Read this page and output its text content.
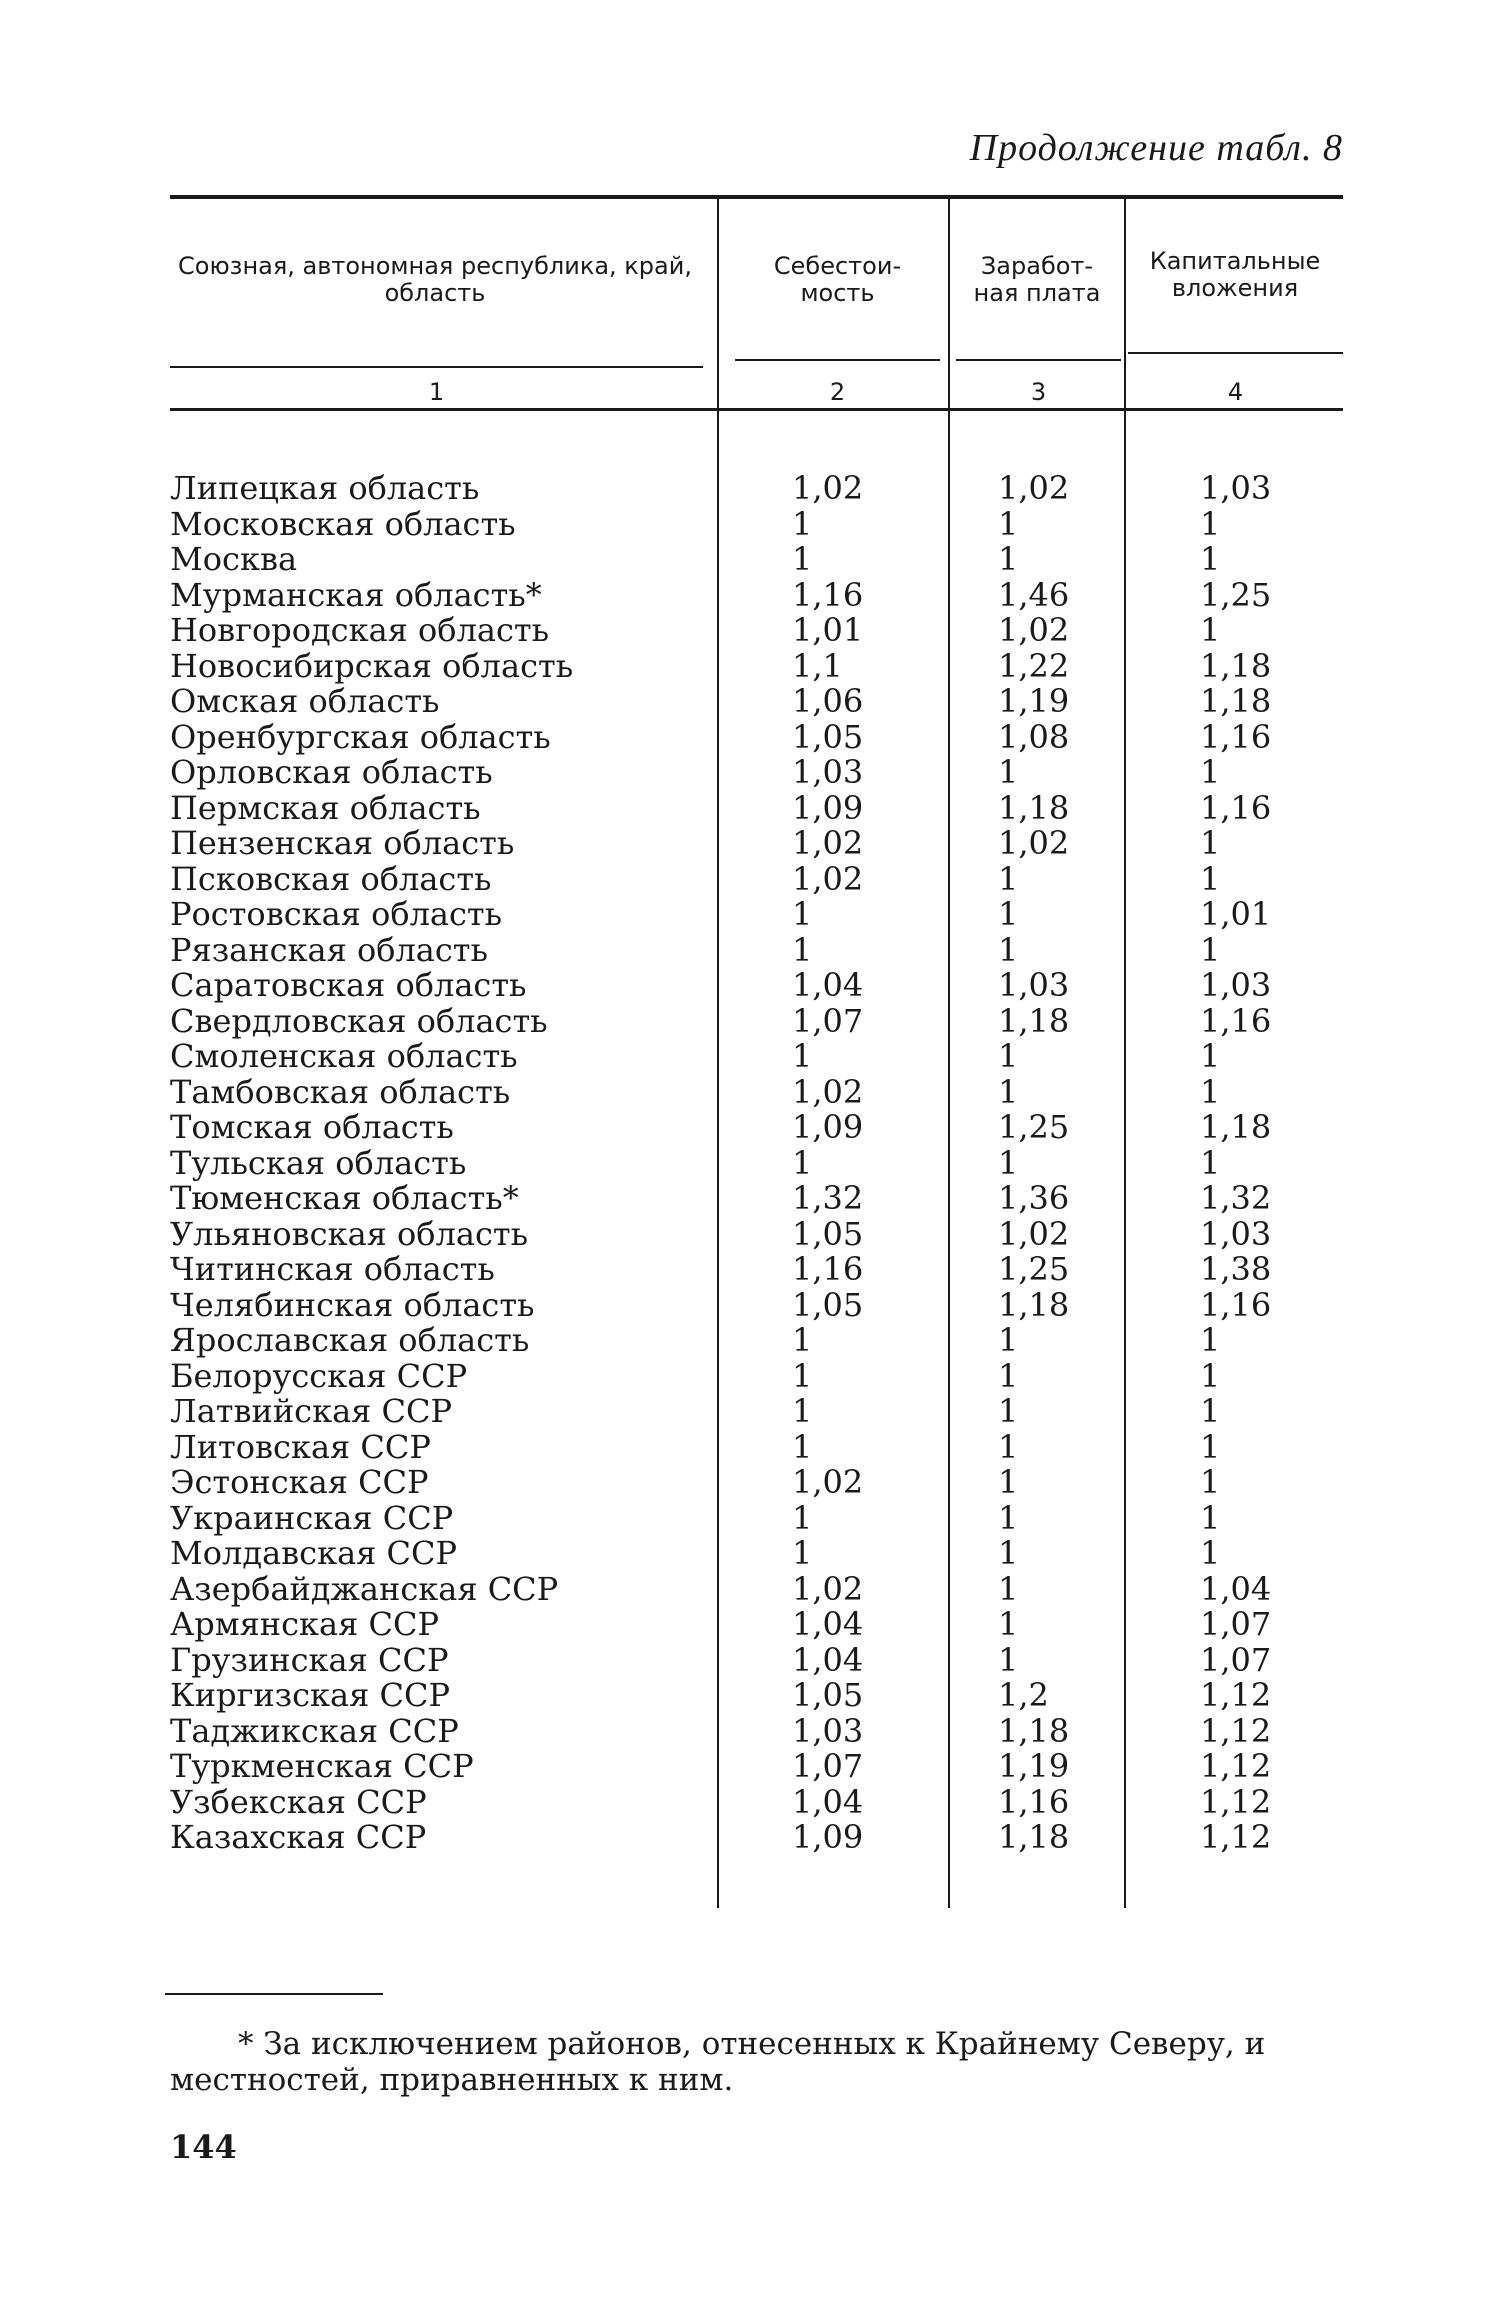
Продолжение табл. 8
Союзная, автономная республика, край, область
Себестои- мость
Заработ- ная плата
Капитальные вложения
1	2	3	4
Липецкая область	1,02	1,02	1,03
Московская область	1	1	1
Москва	1	1	1
Мурманская область*	1,16	1,46	1,25
Новгородская область	1,01	1,02	1
Новосибирская область	1,1	1,22	1,18
Омская область	1,06	1,19	1,18
Оренбургская область	1,05	1,08	1,16
Орловская область	1,03	1	1
Пермская область	1,09	1,18	1,16
Пензенская область	1,02	1,02	1
Псковская область	1,02	1	1
Ростовская область	1	1	1,01
Рязанская область	1	1	1
Саратовская область	1,04	1,03	1,03
Свердловская область	1,07	1,18	1,16
Смоленская область	1	1	1
Тамбовская область	1,02	1	1
Томская область	1,09	1,25	1,18
Тульская область	1	1	1
Тюменская область*	1,32	1,36	1,32
Ульяновская область	1,05	1,02	1,03
Читинская область	1,16	1,25	1,38
Челябинская область	1,05	1,18	1,16
Ярославская область	1	1	1
Белорусская ССР	1	1	1
Латвийская ССР	1	1	1
Литовская ССР	1	1	1
Эстонская ССР	1,02	1	1
Украинская ССР	1	1	1
Молдавская ССР	1	1	1
Азербайджанская ССР	1,02	1	1,04
Армянская ССР	1,04	1	1,07
Грузинская ССР	1,04	1	1,07
Киргизская ССР	1,05	1,2	1,12
Таджикская ССР	1,03	1,18	1,12
Туркменская ССР	1,07	1,19	1,12
Узбекская ССР	1,04	1,16	1,12
Казахская ССР	1,09	1,18	1,12
* За исключением районов, отнесенных к Крайнему Северу, и местностей, приравненных к ним.
144
